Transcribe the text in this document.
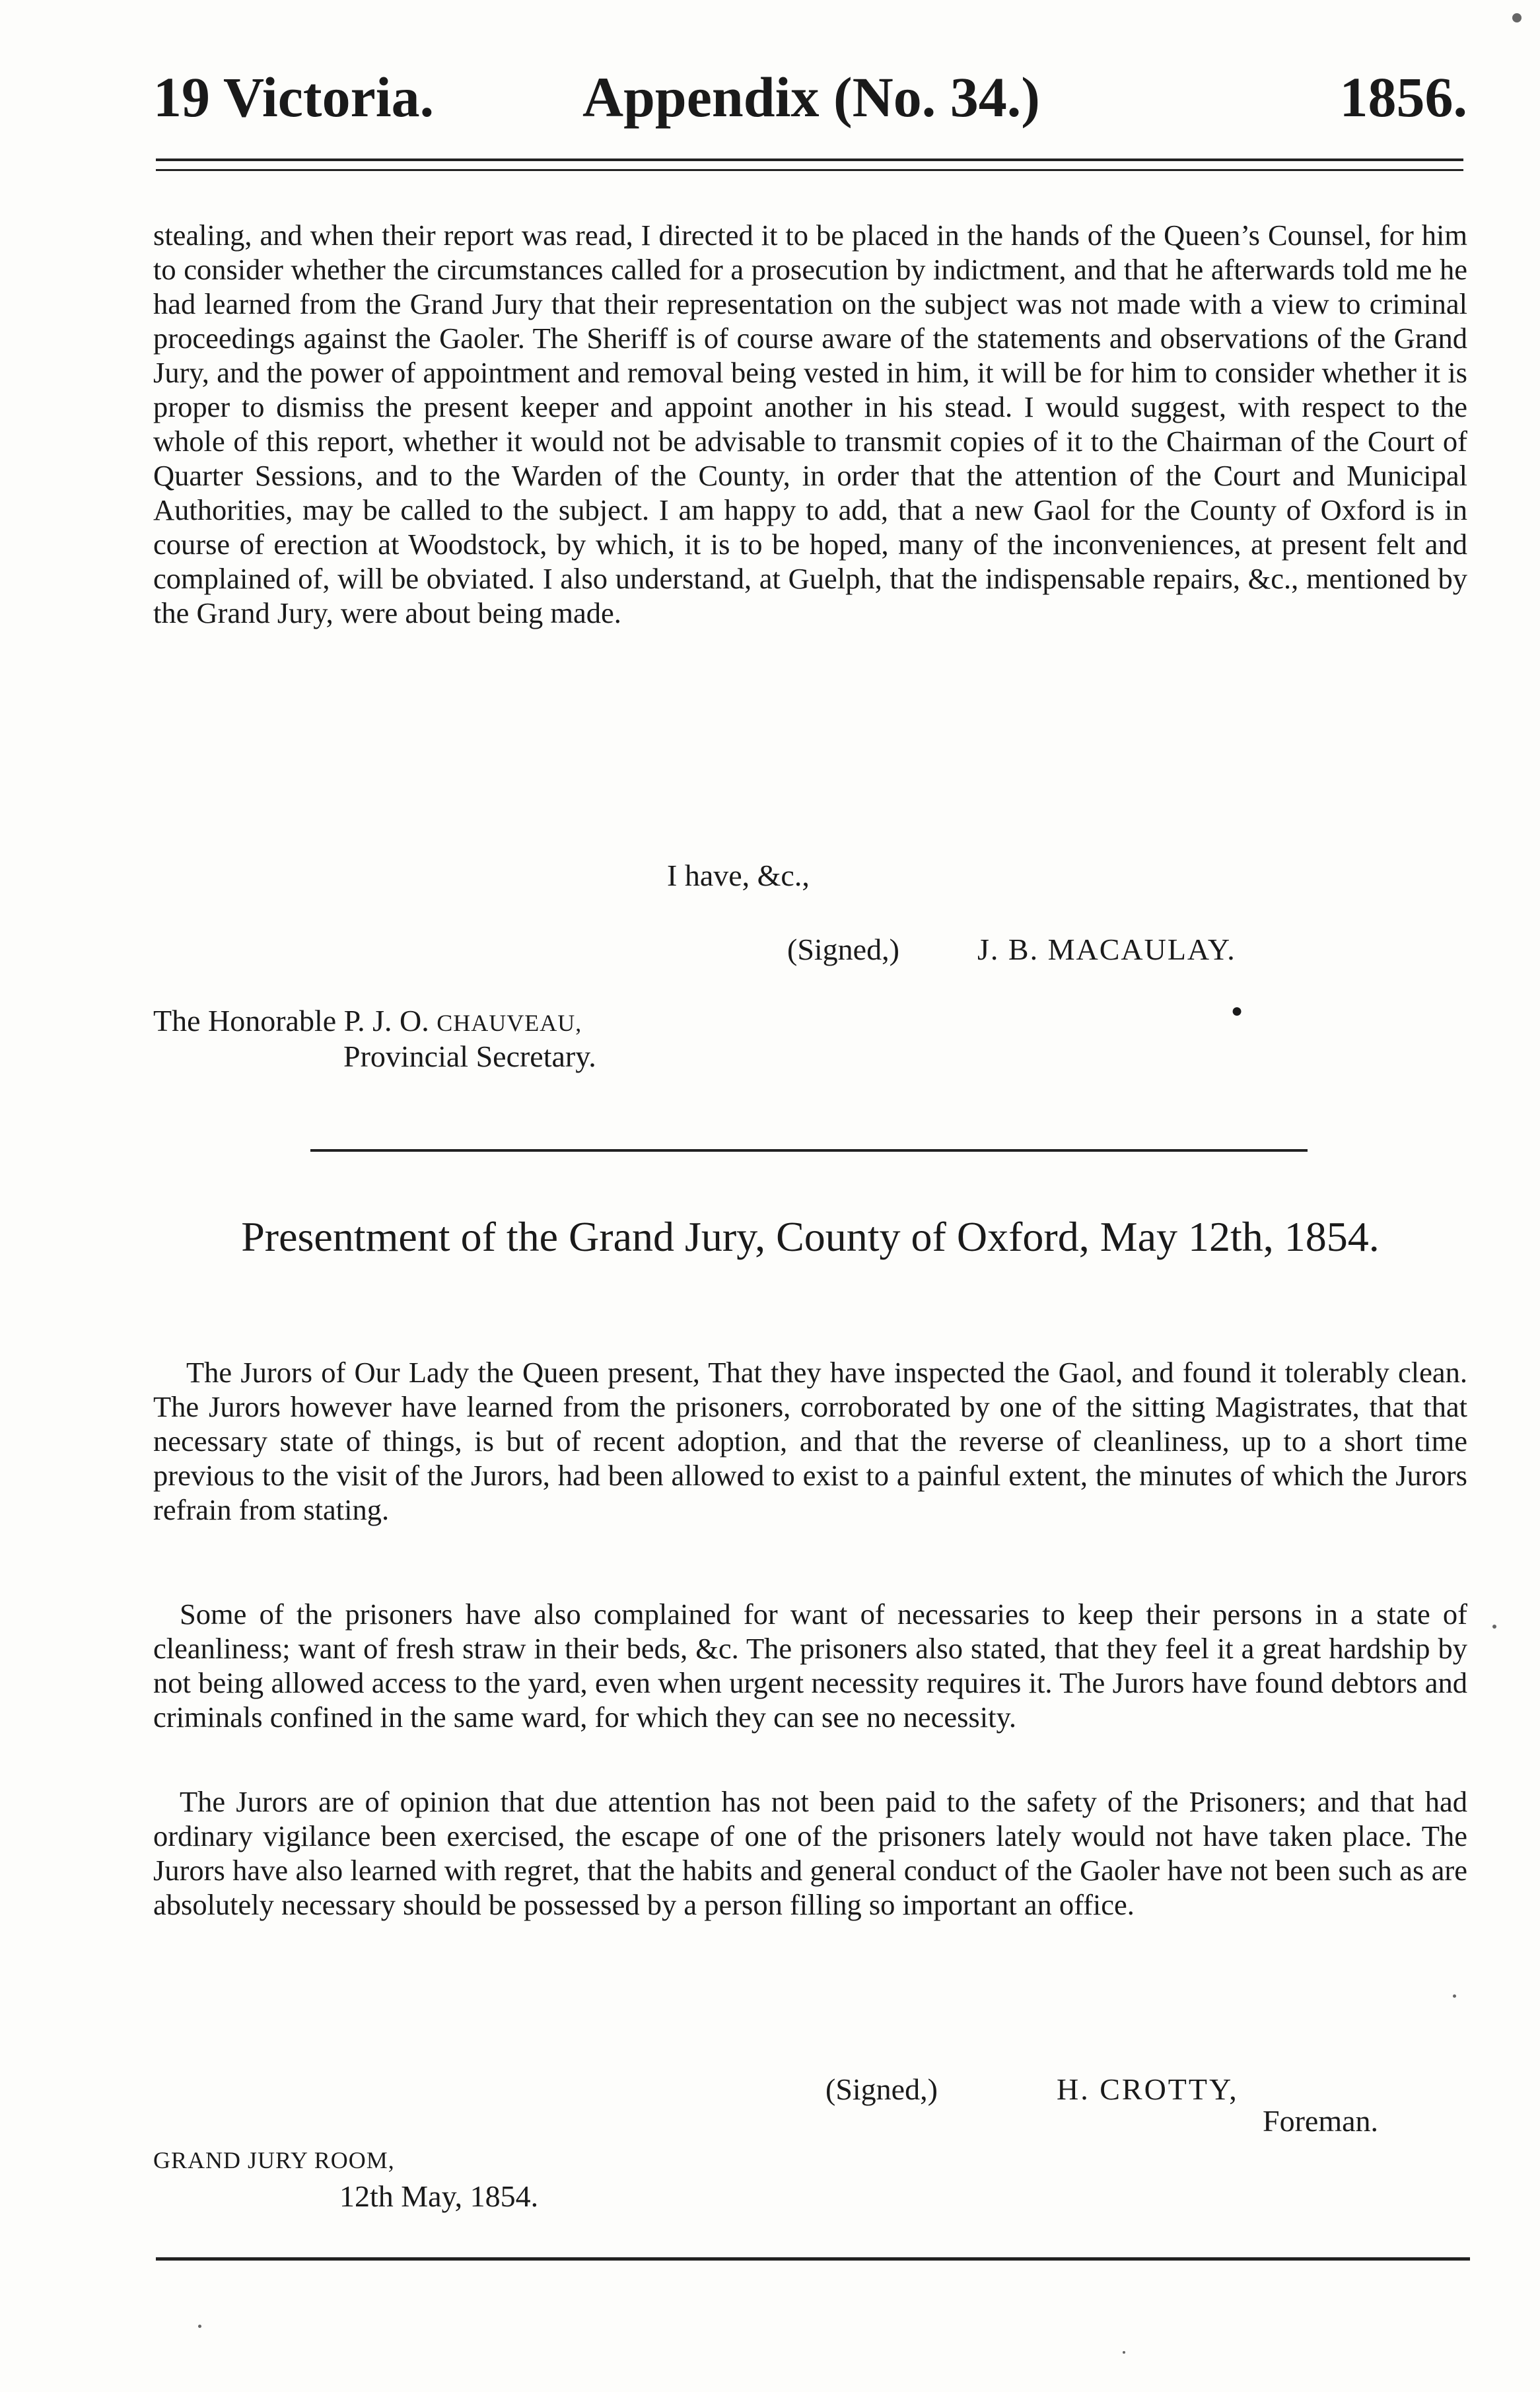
19 Victoria.	Appendix (No. 34.)	1856.
stealing, and when their report was read, I directed it to be placed in the hands of the Queen’s Counsel, for him to consider whether the circumstances called for a prosecution by indictment, and that he afterwards told me he had learned from the Grand Jury that their representation on the subject was not made with a view to criminal proceedings against the Gaoler. The Sheriff is of course aware of the statements and observations of the Grand Jury, and the power of appointment and removal being vested in him, it will be for him to consider whether it is proper to dismiss the present keeper and appoint another in his stead. I would suggest, with respect to the whole of this report, whether it would not be advisable to transmit copies of it to the Chairman of the Court of Quarter Sessions, and to the Warden of the County, in order that the attention of the Court and Municipal Authorities, may be called to the subject. I am happy to add, that a new Gaol for the County of Oxford is in course of erection at Woodstock, by which, it is to be hoped, many of the inconveniences, at present felt and complained of, will be obviated. I also understand, at Guelph, that the indispensable repairs, &c., mentioned by the Grand Jury, were about being made.
I have, &c.,
(Signed,)	J. B. MACAULAY.
The Honorable P. J. O. CHAUVEAU,
Provincial Secretary.
●
Presentment of the Grand Jury, County of Oxford, May 12th, 1854.
The Jurors of Our Lady the Queen present, That they have inspected the Gaol, and found it tolerably clean. The Jurors however have learned from the prisoners, corroborated by one of the sitting Magistrates, that that necessary state of things, is but of recent adoption, and that the reverse of cleanliness, up to a short time previous to the visit of the Jurors, had been allowed to exist to a painful extent, the minutes of which the Jurors refrain from stating.
Some of the prisoners have also complained for want of necessaries to keep their persons in a state of cleanliness; want of fresh straw in their beds, &c. The prisoners also stated, that they feel it a great hardship by not being allowed access to the yard, even when urgent necessity requires it. The Jurors have found debtors and criminals confined in the same ward, for which they can see no necessity.
The Jurors are of opinion that due attention has not been paid to the safety of the Prisoners; and that had ordinary vigilance been exercised, the escape of one of the prisoners lately would not have taken place. The Jurors have also learned with regret, that the habits and general conduct of the Gaoler have not been such as are absolutely necessary should be possessed by a person filling so important an office.
(Signed,)	H. CROTTY,
Foreman.
GRAND JURY ROOM,
12th May, 1854.
